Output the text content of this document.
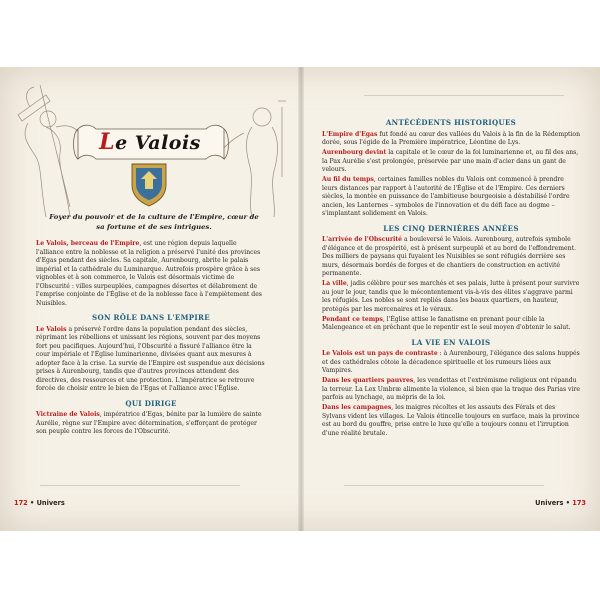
Le Valois
Foyer du pouvoir et de la culture de l'Empire, cœur de sa fortune et de ses intrigues.

Le Valois, berceau de l'Empire, est une région depuis laquelle l'alliance entre la noblesse et la religion a préservé l'unité des provinces d'Egas pendant des siècles. Sa capitale, Aurenbourg, abrite le palais impérial et la cathédrale du Luminarque. Autrefois prospère grâce à ses vignobles et à son commerce, le Valois est désormais victime de l'Obscurité : villes surpeuplées, campagnes désertes et délabrement de l'emprise conjointe de l'Église et de la noblesse face à l'empiètement des Nuisibles.

SON RÔLE DANS L'EMPIRE

Le Valois a préservé l'ordre dans la population pendant des siècles, réprimant les rébellions et unissant les régions, souvent par des moyens fort peu pacifiques. Aujourd'hui, l'Obscurité a fissuré l'alliance être la cour impériale et l'Église luminarienne, divisées quant aux mesures à adopter face à la crise. La survie de l'Empire est suspendue aux décisions prises à Aurenbourg, tandis que d'autres provinces attendent des directives, des ressources et une protection. L'impératrice se retrouve forcée de choisir entre le bien de l'Egas et l'alliance avec l'Église.

QUI DIRIGE

Victraine de Valois, impératrice d'Egas, bénite par la lumière de sainte Aurélie, règne sur l'Empire avec détermination, s'efforçant de protéger son peuple contre les forces de l'Obscurité.

172 • Univers
ANTÉCÉDENTS HISTORIQUES

L'Empire d'Egas fut fondé au cœur des vallées du Valois à la fin de la Rédemption dorée, sous l'égide de la Première impératrice, Léontine de Lys.

Aurenbourg devint la capitale et le cœur de la foi luminarienne et, au fil des ans, la Pax Aurélie s'est prolongée, préservée par une main d'acier dans un gant de velours.

Au fil du temps, certaines familles nobles du Valois ont commencé à prendre leurs distances par rapport à l'autorité de l'Église et de l'Empire. Ces derniers siècles, la montée en puissance de l'ambitieuse bourgeoisie a déstabilisé l'ordre ancien, les Lanternes – symboles de l'innovation et du défi face au dogme – s'implantant solidement en Valois.

LES CINQ DERNIÈRES ANNÉES

L'arrivée de l'Obscurité a bouleversé le Valois. Aurenbourg, autrefois symbole d'élégance et de prospérité, est à présent surpeuplé et au bord de l'effondrement. Des milliers de paysans qui fuyaient les Nuisibles se sont réfugiés derrière ses murs, désormais bordés de forges et de chantiers de construction en activité permanente.

La ville, jadis célèbre pour ses marchés et ses palais, lutte à présent pour survivre au jour le jour, tandis que le mécontentement vis-à-vis des élites s'aggrave parmi les réfugiés. Les nobles se sont repliés dans les beaux quartiers, en hauteur, protégés par les mercenaires et le véraux.

Pendant ce temps, l'Église attise le fanatisme en prenant pour cible la Malengeance et en prêchant que le repentir est le seul moyen d'obtenir le salut.

LA VIE EN VALOIS

Le Valois est un pays de contraste : à Aurenbourg, l'élégance des salons huppés et des cathédrales côtoie la décadence spirituelle et les rumeurs liées aux Vampires.

Dans les quartiers pauvres, les vendettas et l'extrémisme religieux ont répandu la terreur. La Lex Umbræ alimente la violence, si bien que la traque des Parias vire parfois au lynchage, au mépris de la loi.

Dans les campagnes, les maigres récoltes et les assauts des Férals et des Sylvans vident les villages. Le Valois étincelle toujours en surface, mais la province est au bord du gouffre, prise entre le luxe qu'elle a toujours connu et l'irruption d'une réalité brutale.

Univers • 173
